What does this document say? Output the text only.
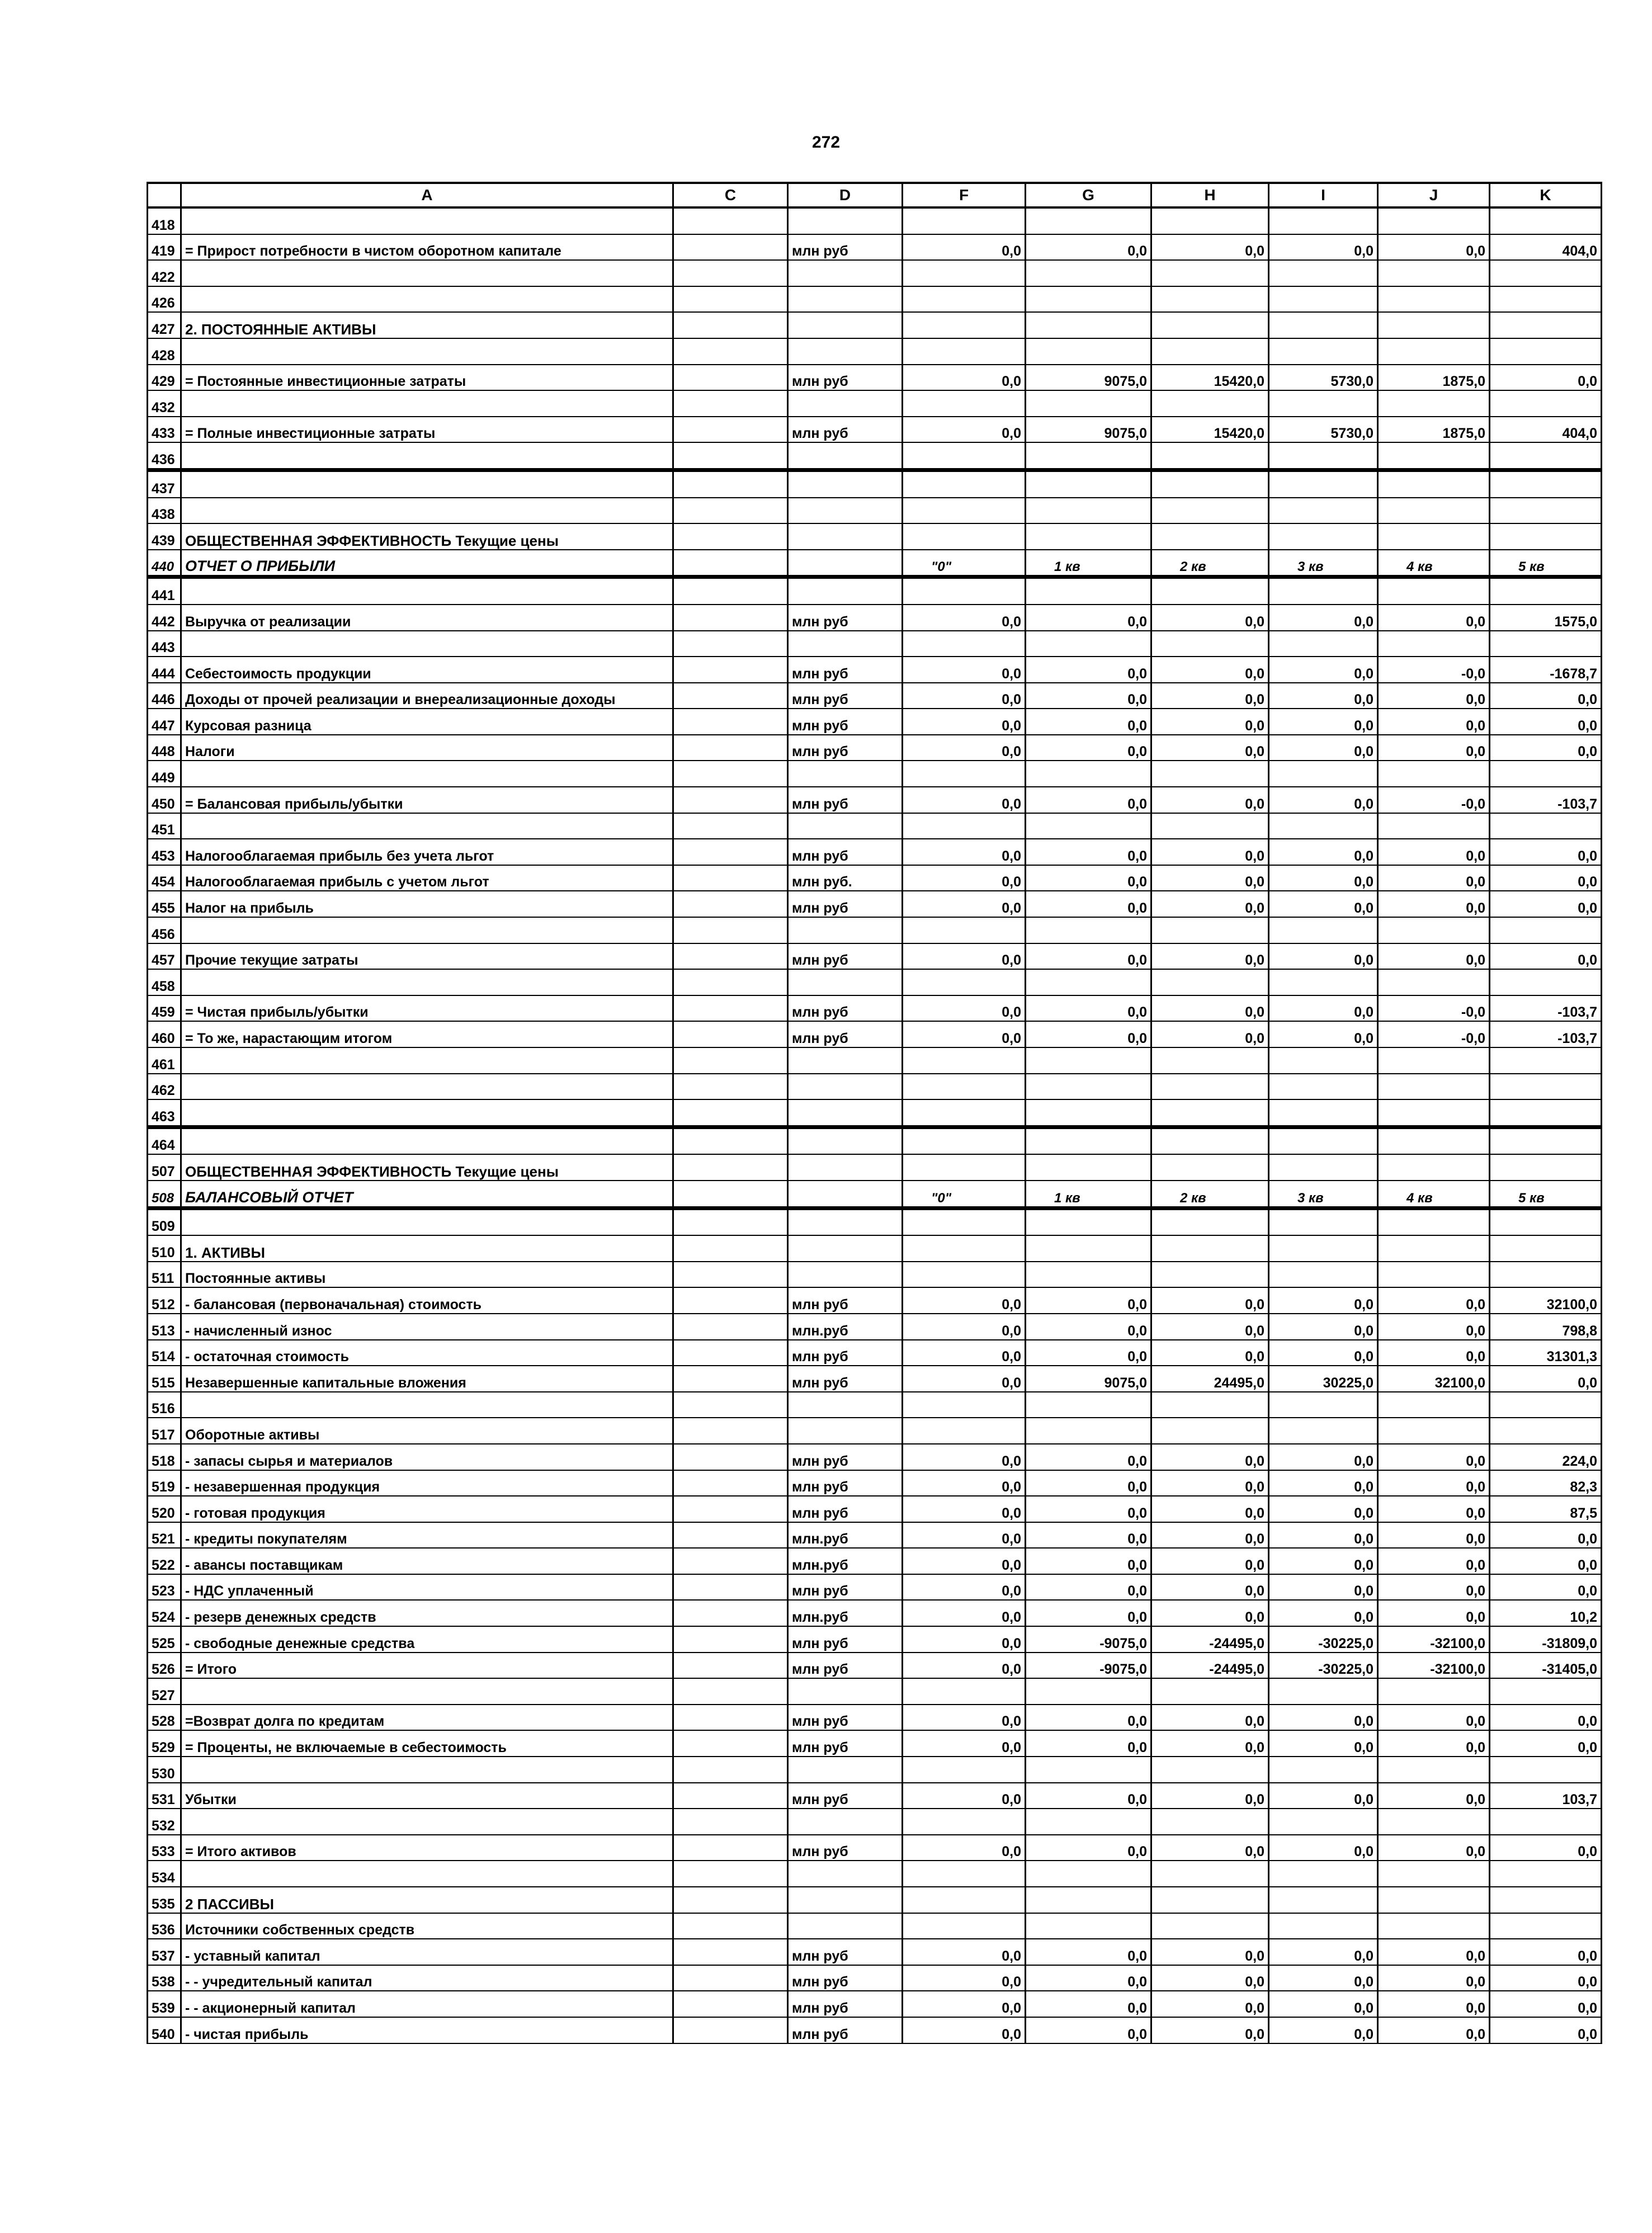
272
	A	C	D	F	G	H	I	J	K
418									
419	= Прирост потребности в чистом оборотном капитале		млн руб	0,0	0,0	0,0	0,0	0,0	404,0
422									
426									
427	2. ПОСТОЯННЫЕ АКТИВЫ								
428									
429	= Постоянные инвестиционные затраты		млн руб	0,0	9075,0	15420,0	5730,0	1875,0	0,0
432									
433	= Полные инвестиционные затраты		млн руб	0,0	9075,0	15420,0	5730,0	1875,0	404,0
436									
437									
438									
439	ОБЩЕСТВЕННАЯ ЭФФЕКТИВНОСТЬ Текущие цены								
440	ОТЧЕТ О ПРИБЫЛИ			"0"	1 кв	2 кв	3 кв	4 кв	5 кв
441									
442	Выручка от реализации		млн руб	0,0	0,0	0,0	0,0	0,0	1575,0
443									
444	Себестоимость продукции		млн руб	0,0	0,0	0,0	0,0	-0,0	-1678,7
446	Доходы от прочей реализации и внереализационные доходы		млн руб	0,0	0,0	0,0	0,0	0,0	0,0
447	Курсовая разница		млн руб	0,0	0,0	0,0	0,0	0,0	0,0
448	Налоги		млн руб	0,0	0,0	0,0	0,0	0,0	0,0
449									
450	= Балансовая прибыль/убытки		млн руб	0,0	0,0	0,0	0,0	-0,0	-103,7
451									
453	Налогооблагаемая прибыль без учета льгот		млн руб	0,0	0,0	0,0	0,0	0,0	0,0
454	Налогооблагаемая прибыль с учетом льгот		млн руб.	0,0	0,0	0,0	0,0	0,0	0,0
455	Налог на прибыль		млн руб	0,0	0,0	0,0	0,0	0,0	0,0
456									
457	Прочие текущие затраты		млн руб	0,0	0,0	0,0	0,0	0,0	0,0
458									
459	= Чистая прибыль/убытки		млн руб	0,0	0,0	0,0	0,0	-0,0	-103,7
460	= То же, нарастающим итогом		млн руб	0,0	0,0	0,0	0,0	-0,0	-103,7
461									
462									
463									
464									
507	ОБЩЕСТВЕННАЯ ЭФФЕКТИВНОСТЬ Текущие цены								
508	БАЛАНСОВЫЙ ОТЧЕТ			"0"	1 кв	2 кв	3 кв	4 кв	5 кв
509									
510	1. АКТИВЫ								
511	Постоянные активы								
512	- балансовая (первоначальная) стоимость		млн руб	0,0	0,0	0,0	0,0	0,0	32100,0
513	- начисленный износ		млн.руб	0,0	0,0	0,0	0,0	0,0	798,8
514	- остаточная стоимость		млн руб	0,0	0,0	0,0	0,0	0,0	31301,3
515	Незавершенные капитальные вложения		млн руб	0,0	9075,0	24495,0	30225,0	32100,0	0,0
516									
517	Оборотные активы								
518	- запасы сырья и материалов		млн руб	0,0	0,0	0,0	0,0	0,0	224,0
519	- незавершенная продукция		млн руб	0,0	0,0	0,0	0,0	0,0	82,3
520	- готовая продукция		млн руб	0,0	0,0	0,0	0,0	0,0	87,5
521	- кредиты покупателям		млн.руб	0,0	0,0	0,0	0,0	0,0	0,0
522	- авансы поставщикам		млн.руб	0,0	0,0	0,0	0,0	0,0	0,0
523	- НДС уплаченный		млн руб	0,0	0,0	0,0	0,0	0,0	0,0
524	- резерв денежных средств		млн.руб	0,0	0,0	0,0	0,0	0,0	10,2
525	- свободные денежные средства		млн руб	0,0	-9075,0	-24495,0	-30225,0	-32100,0	-31809,0
526	= Итого		млн руб	0,0	-9075,0	-24495,0	-30225,0	-32100,0	-31405,0
527									
528	=Возврат долга по кредитам		млн руб	0,0	0,0	0,0	0,0	0,0	0,0
529	= Проценты, не включаемые в себестоимость		млн руб	0,0	0,0	0,0	0,0	0,0	0,0
530									
531	Убытки		млн руб	0,0	0,0	0,0	0,0	0,0	103,7
532									
533	= Итого активов		млн руб	0,0	0,0	0,0	0,0	0,0	0,0
534									
535	2 ПАССИВЫ								
536	Источники собственных средств								
537	- уставный капитал		млн руб	0,0	0,0	0,0	0,0	0,0	0,0
538	- - учредительный капитал		млн руб	0,0	0,0	0,0	0,0	0,0	0,0
539	- - акционерный капитал		млн руб	0,0	0,0	0,0	0,0	0,0	0,0
540	- чистая прибыль		млн руб	0,0	0,0	0,0	0,0	0,0	0,0
